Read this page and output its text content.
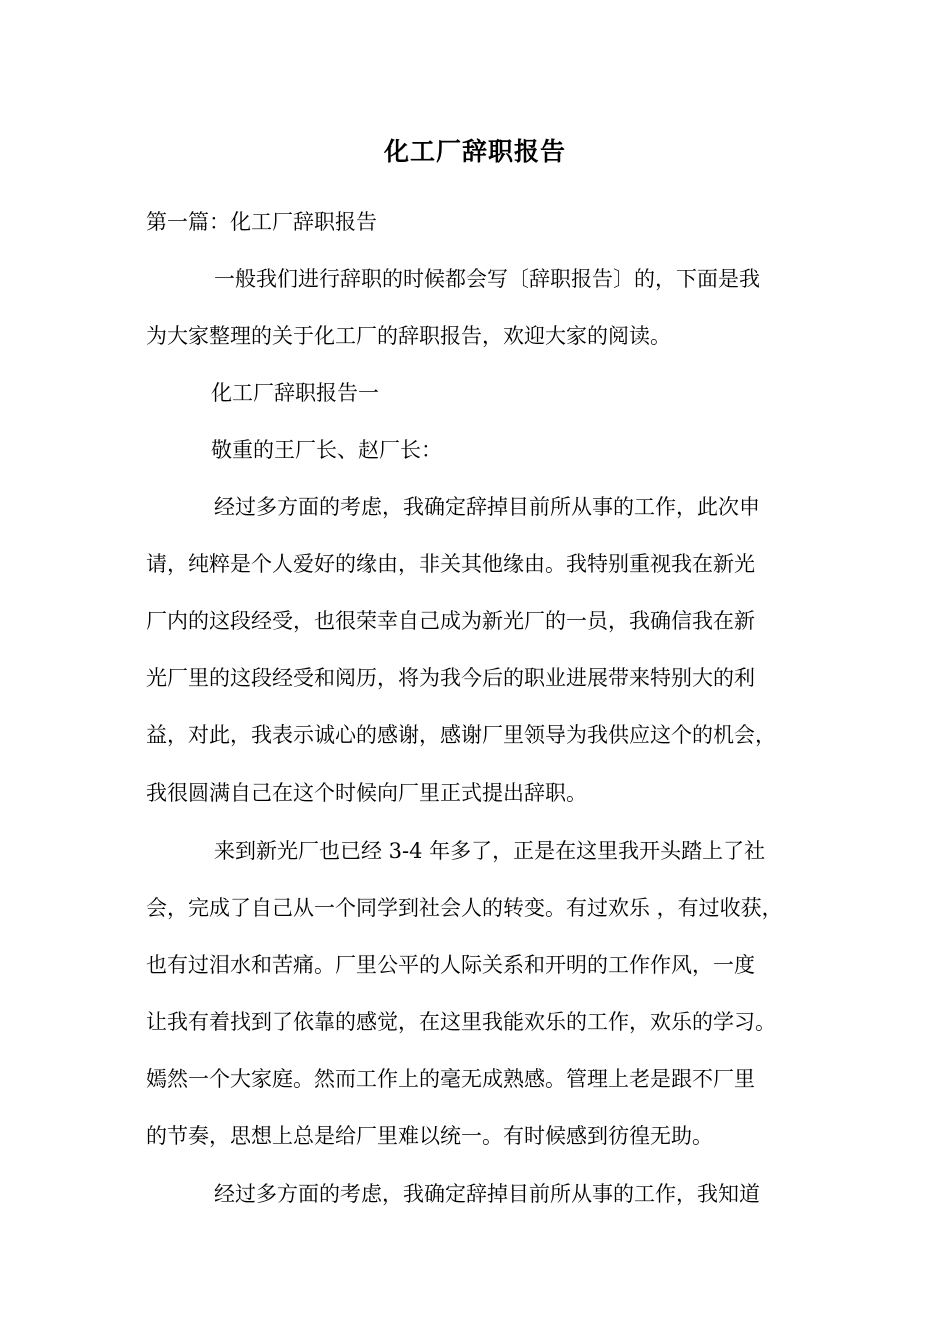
化工厂辞职报告
第一篇：化工厂辞职报告
一般我们进行辞职的时候都会写〔辞职报告〕的，下面是我
为大家整理的关于化工厂的辞职报告，欢迎大家的阅读。
化工厂辞职报告一
敬重的王厂长、赵厂长：
经过多方面的考虑，我确定辞掉目前所从事的工作，此次申
请，纯粹是个人爱好的缘由，非关其他缘由。我特别重视我在新光
厂内的这段经受，也很荣幸自己成为新光厂的一员，我确信我在新
光厂里的这段经受和阅历，将为我今后的职业进展带来特别大的利
益，对此，我表示诚心的感谢，感谢厂里领导为我供应这个的机会，
我很圆满自己在这个时候向厂里正式提出辞职。
来到新光厂也已经 3-4 年多了，正是在这里我开头踏上了社
会，完成了自己从一个同学到社会人的转变。有过欢乐 ，有过收获，
也有过泪水和苦痛。厂里公平的人际关系和开明的工作作风，一度
让我有着找到了依靠的感觉，在这里我能欢乐的工作，欢乐的学习。
嫣然一个大家庭。然而工作上的毫无成熟感。管理上老是跟不厂里
的节奏，思想上总是给厂里难以统一。有时候感到彷徨无助。
经过多方面的考虑，我确定辞掉目前所从事的工作，我知道
